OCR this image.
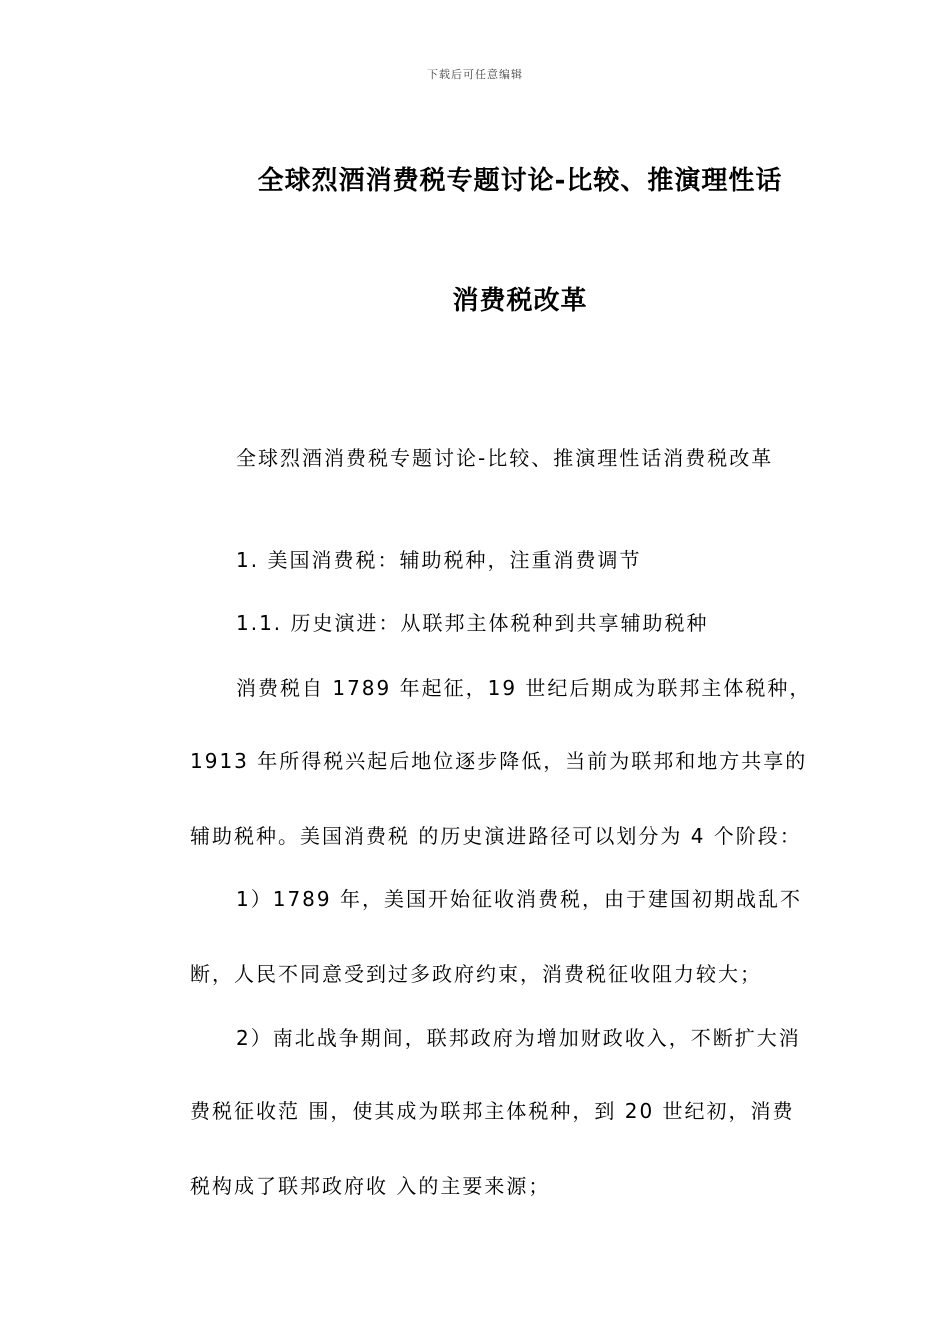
下载后可任意编辑
全球烈酒消费税专题讨论-比较、推演理性话
消费税改革
全球烈酒消费税专题讨论-比较、推演理性话消费税改革
1. 美国消费税：辅助税种，注重消费调节
1.1. 历史演进：从联邦主体税种到共享辅助税种
消费税自 1789 年起征，19 世纪后期成为联邦主体税种，
1913 年所得税兴起后地位逐步降低，当前为联邦和地方共享的
辅助税种。美国消费税 的历史演进路径可以划分为 4 个阶段：
1）1789 年，美国开始征收消费税，由于建国初期战乱不
断，人民不同意受到过多政府约束，消费税征收阻力较大；
2）南北战争期间，联邦政府为增加财政收入，不断扩大消
费税征收范 围，使其成为联邦主体税种，到 20 世纪初，消费
税构成了联邦政府收 入的主要来源；
